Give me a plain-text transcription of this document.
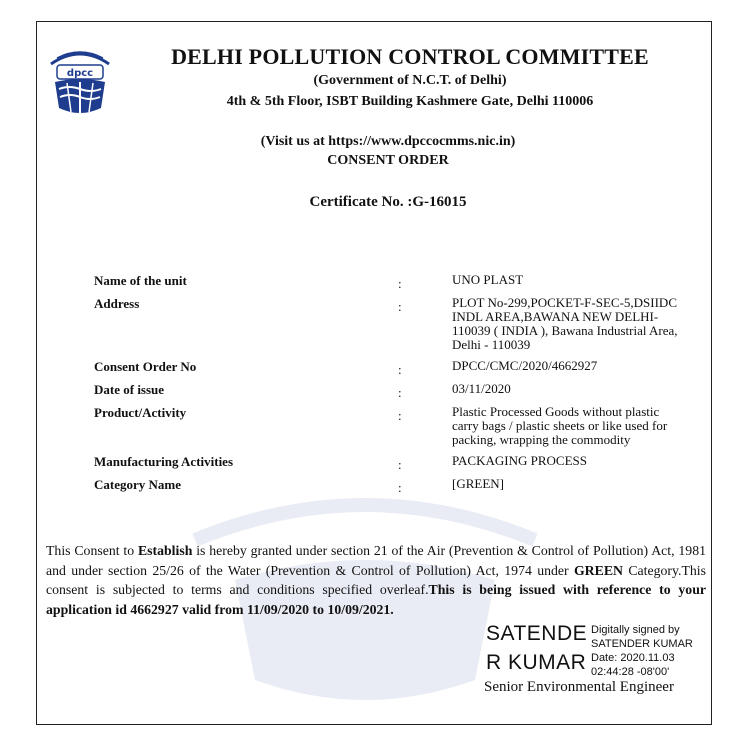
dpcc
DELHI POLLUTION CONTROL COMMITTEE
(Government of N.C.T. of Delhi)
4th & 5th Floor, ISBT Building Kashmere Gate, Delhi 110006
(Visit us at https://www.dpccocmms.nic.in)
CONSENT ORDER
Certificate No. :G-16015
Name of the unit	:	UNO PLAST
Address	:	PLOT No-299,POCKET-F-SEC-5,DSIIDC
INDL AREA,BAWANA NEW DELHI-
110039 ( INDIA ), Bawana Industrial Area,
Delhi - 110039
Consent Order No	:	DPCC/CMC/2020/4662927
Date of issue	:	03/11/2020
Product/Activity	:	Plastic Processed Goods without plastic
carry bags / plastic sheets or like used for
packing, wrapping the commodity
Manufacturing Activities	:	PACKAGING PROCESS
Category Name	:	[GREEN]
This Consent to Establish is hereby granted under section 21 of the Air (Prevention & Control of Pollution) Act, 1981 and under section 25/26 of the Water (Prevention & Control of Pollution) Act, 1974 under GREEN Category.This consent is subjected to terms and conditions specified overleaf.This is being issued with reference to your application id 4662927 valid from 11/09/2020 to 10/09/2021.
SATENDE
R KUMAR
Digitally signed by
SATENDER KUMAR
Date: 2020.11.03
02:44:28 -08'00'
Senior Environmental Engineer
